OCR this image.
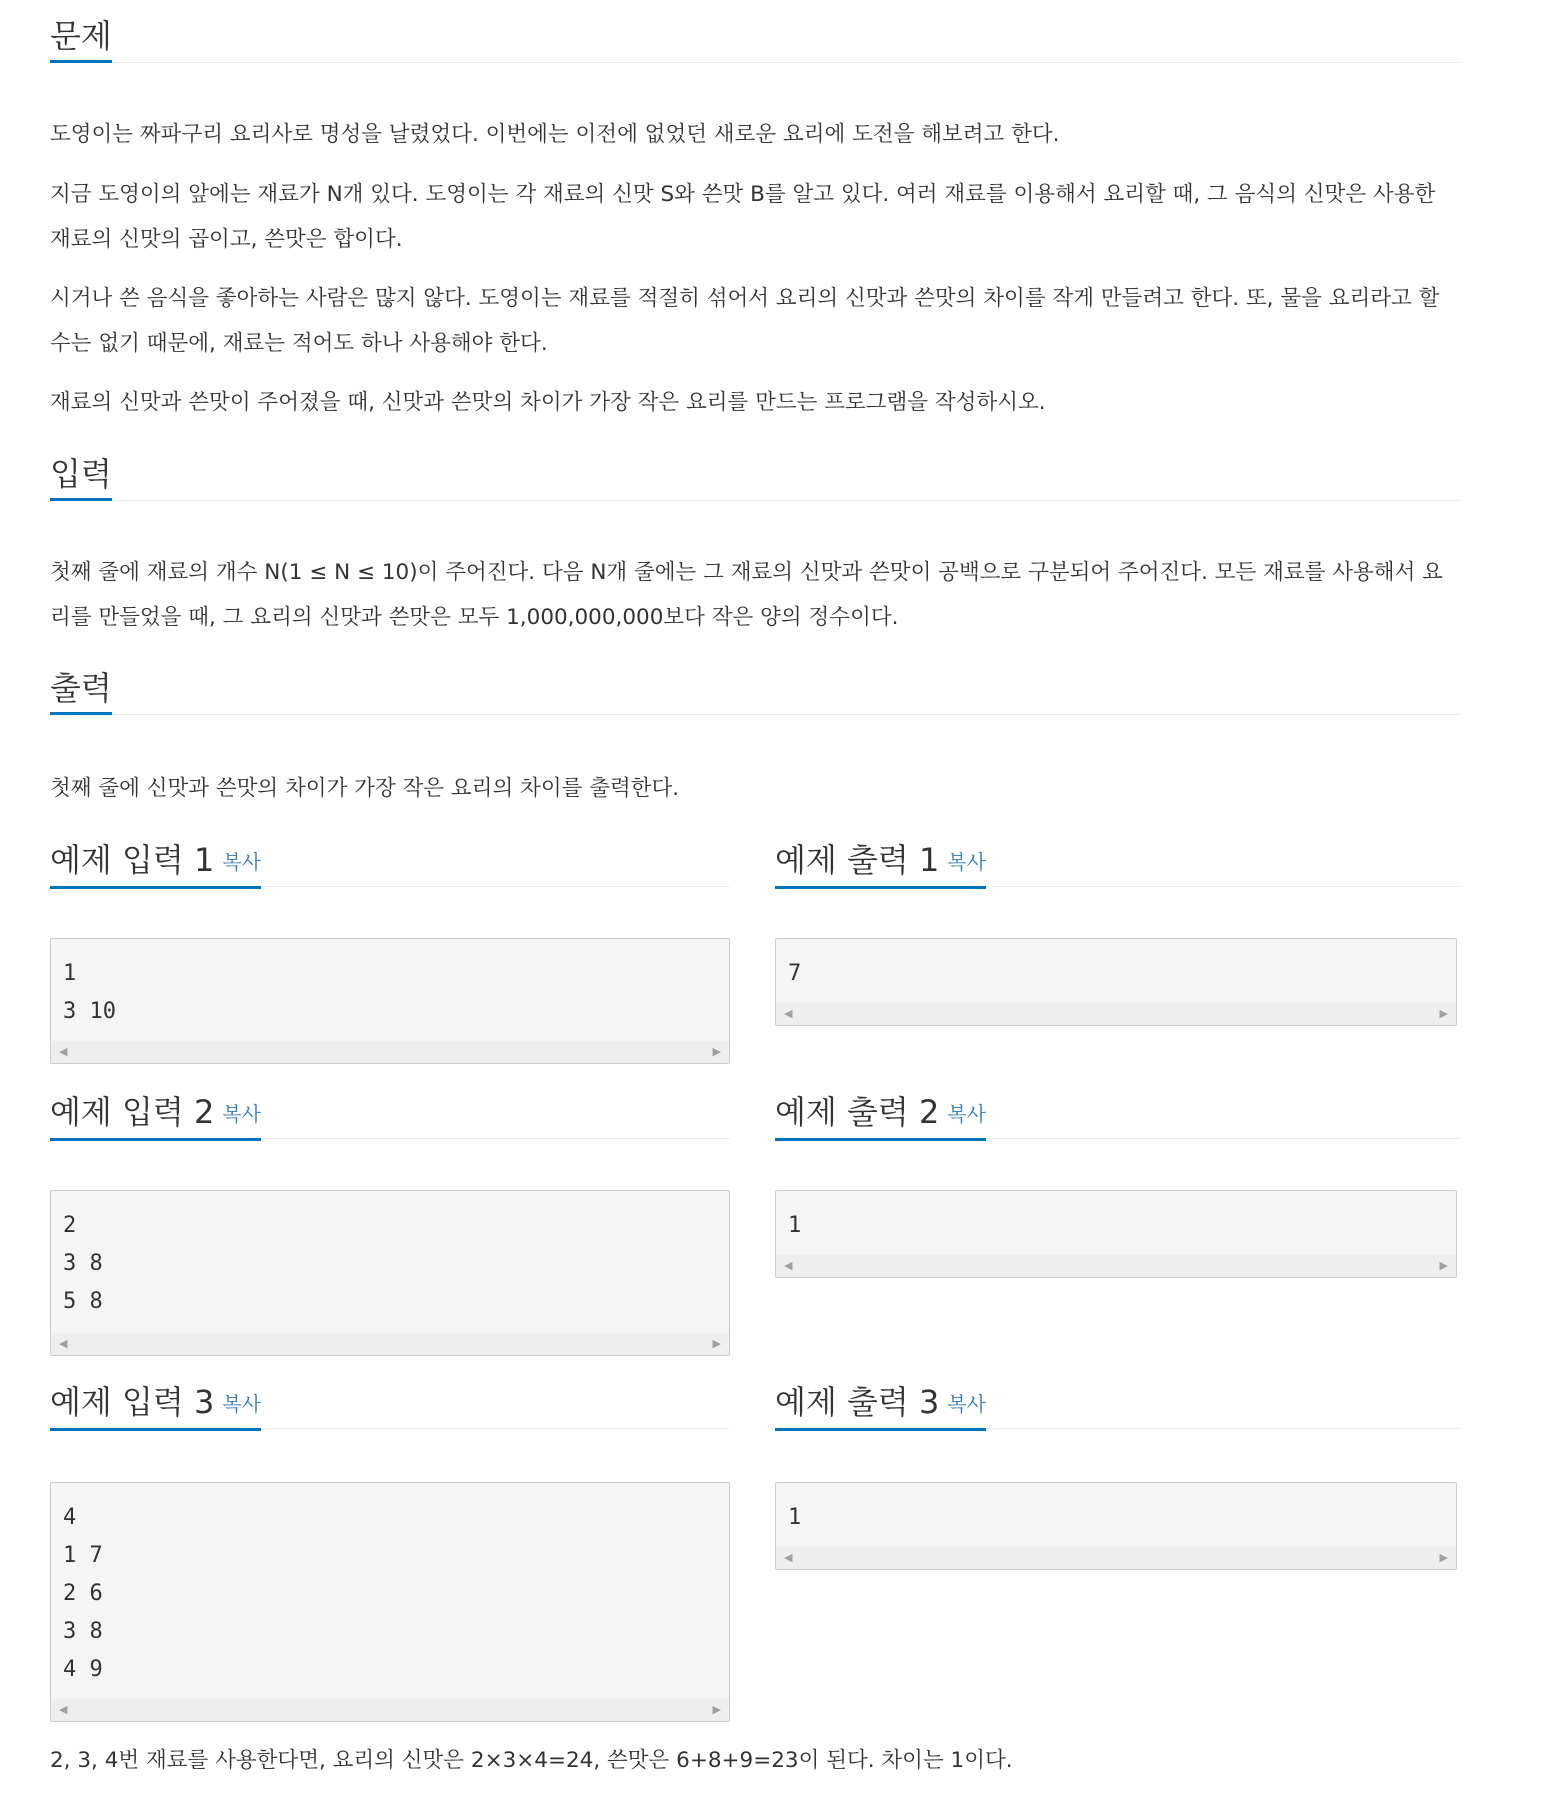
문제
도영이는 짜파구리 요리사로 명성을 날렸었다. 이번에는 이전에 없었던 새로운 요리에 도전을 해보려고 한다.
지금 도영이의 앞에는 재료가 N개 있다. 도영이는 각 재료의 신맛 S와 쓴맛 B를 알고 있다. 여러 재료를 이용해서 요리할 때, 그 음식의 신맛은 사용한 재료의 신맛의 곱이고, 쓴맛은 합이다.
시거나 쓴 음식을 좋아하는 사람은 많지 않다. 도영이는 재료를 적절히 섞어서 요리의 신맛과 쓴맛의 차이를 작게 만들려고 한다. 또, 물을 요리라고 할 수는 없기 때문에, 재료는 적어도 하나 사용해야 한다.
재료의 신맛과 쓴맛이 주어졌을 때, 신맛과 쓴맛의 차이가 가장 작은 요리를 만드는 프로그램을 작성하시오.
입력
첫째 줄에 재료의 개수 N(1 ≤ N ≤ 10)이 주어진다. 다음 N개 줄에는 그 재료의 신맛과 쓴맛이 공백으로 구분되어 주어진다. 모든 재료를 사용해서 요리를 만들었을 때, 그 요리의 신맛과 쓴맛은 모두 1,000,000,000보다 작은 양의 정수이다.
출력
첫째 줄에 신맛과 쓴맛의 차이가 가장 작은 요리의 차이를 출력한다.
예제 입력 1 복사	예제 출력 1 복사
1
3 10
◀	▶
7
◀	▶
예제 입력 2 복사	예제 출력 2 복사
2
3 8
5 8
◀	▶
1
◀	▶
예제 입력 3 복사	예제 출력 3 복사
4
1 7
2 6
3 8
4 9
◀	▶
1
◀	▶
2, 3, 4번 재료를 사용한다면, 요리의 신맛은 2×3×4=24, 쓴맛은 6+8+9=23이 된다. 차이는 1이다.
